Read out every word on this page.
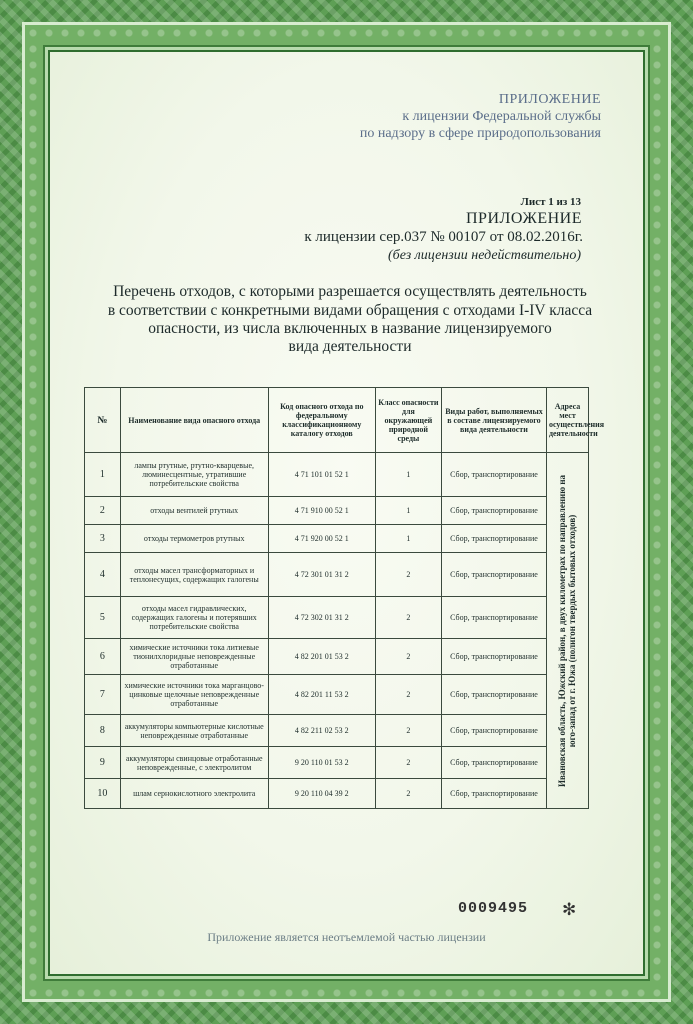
ПРИЛОЖЕНИЕ
к лицензии Федеральной службы
по надзору в сфере природопользования
Лист 1 из 13
ПРИЛОЖЕНИЕ
к лицензии сер.037 № 00107 от 08.02.2016г.
(без лицензии недействительно)
Перечень отходов, с которыми разрешается осуществлять деятельность
в соответствии с конкретными видами обращения с отходами I-IV класса
опасности, из числа включенных в название лицензируемого
вида деятельности
№	Наименование вида опасного отхода	Код опасного отхода по федеральному классификационному каталогу отходов	Класс опасности для окружающей природной среды	Виды работ, выполняемых в составе лицензируемого вида деятельности	Адреса мест осуществления деятельности
1	лампы ртутные, ртутно-кварцевые, люминесцентные, утратившие потребительские свойства	4 71 101 01 52 1	1	Сбор, транспортирование	Ивановская область, Южский район, в двух километрах по направлению на юго-запад от г. Южа (полигон твердых бытовых отходов)

2	отходы вентилей ртутных	4 71 910 00 52 1	1	Сбор, транспортирование	
3	отходы термометров ртутных	4 71 920 00 52 1	1	Сбор, транспортирование	
4	отходы масел трансформаторных и теплонесущих, содержащих галогены	4 72 301 01 31 2	2	Сбор, транспортирование	
5	отходы масел гидравлических, содержащих галогены и потерявших потребительские свойства	4 72 302 01 31 2	2	Сбор, транспортирование	
6	химические источники тока литиевые тионилхлоридные неповрежденные отработанные	4 82 201 01 53 2	2	Сбор, транспортирование	
7	химические источники тока марганцово-цинковые щелочные неповрежденные отработанные	4 82 201 11 53 2	2	Сбор, транспортирование	
8	аккумуляторы компьютерные кислотные неповрежденные отработанные	4 82 211 02 53 2	2	Сбор, транспортирование	
9	аккумуляторы свинцовые отработанные неповрежденные, с электролитом	9 20 110 01 53 2	2	Сбор, транспортирование	
10	шлам сернокислотного электролита	9 20 110 04 39 2	2	Сбор, транспортирование	
0009495 ✻
Приложение является неотъемлемой частью лицензии
